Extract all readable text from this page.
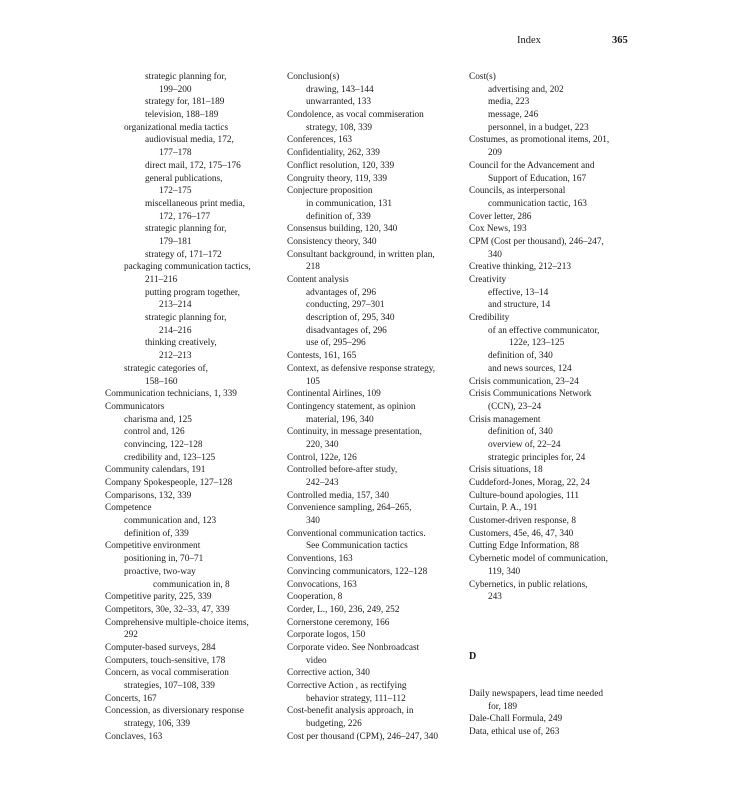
Index	365
strategic planning for,
199–200
strategy for, 181–189
television, 188–189
organizational media tactics
audiovisual media, 172,
177–178
direct mail, 172, 175–176
general publications,
172–175
miscellaneous print media,
172, 176–177
strategic planning for,
179–181
strategy of, 171–172
packaging communication tactics,
211–216
putting program together,
213–214
strategic planning for,
214–216
thinking creatively,
212–213
strategic categories of,
158–160
Communication technicians, 1, 339
Communicators
charisma and, 125
control and, 126
convincing, 122–128
credibility and, 123–125
Community calendars, 191
Company Spokespeople, 127–128
Comparisons, 132, 339
Competence
communication and, 123
definition of, 339
Competitive environment
positioning in, 70–71
proactive, two-way
communication in, 8
Competitive parity, 225, 339
Competitors, 30e, 32–33, 47, 339
Comprehensive multiple-choice items,
292
Computer-based surveys, 284
Computers, touch-sensitive, 178
Concern, as vocal commiseration
strategies, 107–108, 339
Concerts, 167
Concession, as diversionary response
strategy, 106, 339
Conclaves, 163
Conclusion(s)
drawing, 143–144
unwarranted, 133
Condolence, as vocal commiseration
strategy, 108, 339
Conferences, 163
Confidentiality, 262, 339
Conflict resolution, 120, 339
Congruity theory, 119, 339
Conjecture proposition
in communication, 131
definition of, 339
Consensus building, 120, 340
Consistency theory, 340
Consultant background, in written plan,
218
Content analysis
advantages of, 296
conducting, 297–301
description of, 295, 340
disadvantages of, 296
use of, 295–296
Contests, 161, 165
Context, as defensive response strategy,
105
Continental Airlines, 109
Contingency statement, as opinion
material, 196, 340
Continuity, in message presentation,
220, 340
Control, 122e, 126
Controlled before-after study,
242–243
Controlled media, 157, 340
Convenience sampling, 264–265,
340
Conventional communication tactics.
See Communication tactics
Conventions, 163
Convincing communicators, 122–128
Convocations, 163
Cooperation, 8
Corder, L., 160, 236, 249, 252
Cornerstone ceremony, 166
Corporate logos, 150
Corporate video. See Nonbroadcast
video
Corrective action, 340
Corrective Action , as rectifying
behavior strategy, 111–112
Cost-benefit analysis approach, in
budgeting, 226
Cost per thousand (CPM), 246–247, 340
Cost(s)
advertising and, 202
media, 223
message, 246
personnel, in a budget, 223
Costumes, as promotional items, 201,
209
Council for the Advancement and
Support of Education, 167
Councils, as interpersonal
communication tactic, 163
Cover letter, 286
Cox News, 193
CPM (Cost per thousand), 246–247,
340
Creative thinking, 212–213
Creativity
effective, 13–14
and structure, 14
Credibility
of an effective communicator,
122e, 123–125
definition of, 340
and news sources, 124
Crisis communication, 23–24
Crisis Communications Network
(CCN), 23–24
Crisis management
definition of, 340
overview of, 22–24
strategic principles for, 24
Crisis situations, 18
Cuddeford-Jones, Morag, 22, 24
Culture-bound apologies, 111
Curtain, P. A., 191
Customer-driven response, 8
Customers, 45e, 46, 47, 340
Cutting Edge Information, 88
Cybernetic model of communication,
119, 340
Cybernetics, in public relations,
243
D
Daily newspapers, lead time needed
for, 189
Dale-Chall Formula, 249
Data, ethical use of, 263
